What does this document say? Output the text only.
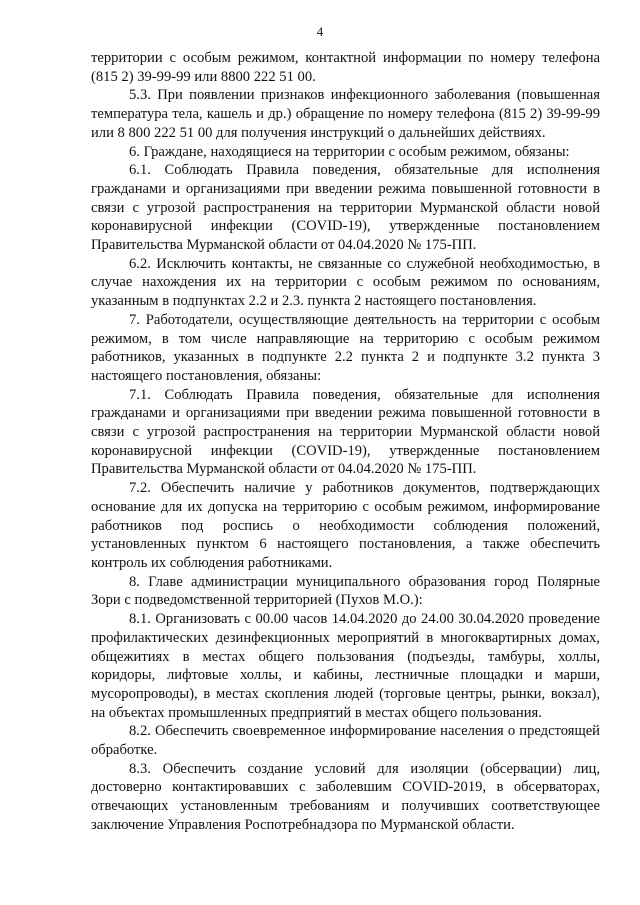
4

территории с особым режимом, контактной информации по номеру телефона (815 2) 39-99-99 или 8800 222 51 00.

5.3. При появлении признаков инфекционного заболевания (повышенная температура тела, кашель и др.) обращение по номеру телефона (815 2) 39-99-99 или 8 800 222 51 00 для получения инструкций о дальнейших действиях.

6. Граждане, находящиеся на территории с особым режимом, обязаны:

6.1. Соблюдать Правила поведения, обязательные для исполнения гражданами и организациями при введении режима повышенной готовности в связи с угрозой распространения на территории Мурманской области новой коронавирусной инфекции (COVID-19), утвержденные постановлением Правительства Мурманской области от 04.04.2020 № 175-ПП.

6.2. Исключить контакты, не связанные со служебной необходимостью, в случае нахождения их на территории с особым режимом по основаниям, указанным в подпунктах 2.2 и 2.3. пункта 2 настоящего постановления.

7. Работодатели, осуществляющие деятельность на территории с особым режимом, в том числе направляющие на территорию с особым режимом работников, указанных в подпункте 2.2 пункта 2 и подпункте 3.2 пункта 3 настоящего постановления, обязаны:

7.1. Соблюдать Правила поведения, обязательные для исполнения гражданами и организациями при введении режима повышенной готовности в связи с угрозой распространения на территории Мурманской области новой коронавирусной инфекции (COVID-19), утвержденные постановлением Правительства Мурманской области от 04.04.2020 № 175-ПП.

7.2. Обеспечить наличие у работников документов, подтверждающих основание для их допуска на территорию с особым режимом, информирование работников под роспись о необходимости соблюдения положений, установленных пунктом 6 настоящего постановления, а также обеспечить контроль их соблюдения работниками.

8. Главе администрации муниципального образования город Полярные Зори с подведомственной территорией (Пухов М.О.):

8.1. Организовать с 00.00 часов 14.04.2020 до 24.00 30.04.2020 проведение профилактических дезинфекционных мероприятий в многоквартирных домах, общежитиях в местах общего пользования (подъезды, тамбуры, холлы, коридоры, лифтовые холлы, и кабины, лестничные площадки и марши, мусоропроводы), в местах скопления людей (торговые центры, рынки, вокзал), на объектах промышленных предприятий в местах общего пользования.

8.2. Обеспечить своевременное информирование населения о предстоящей обработке.

8.3. Обеспечить создание условий для изоляции (обсервации) лиц, достоверно контактировавших с заболевшим COVID-2019, в обсерваторах, отвечающих установленным требованиям и получивших соответствующее заключение Управления Роспотребнадзора по Мурманской области.
